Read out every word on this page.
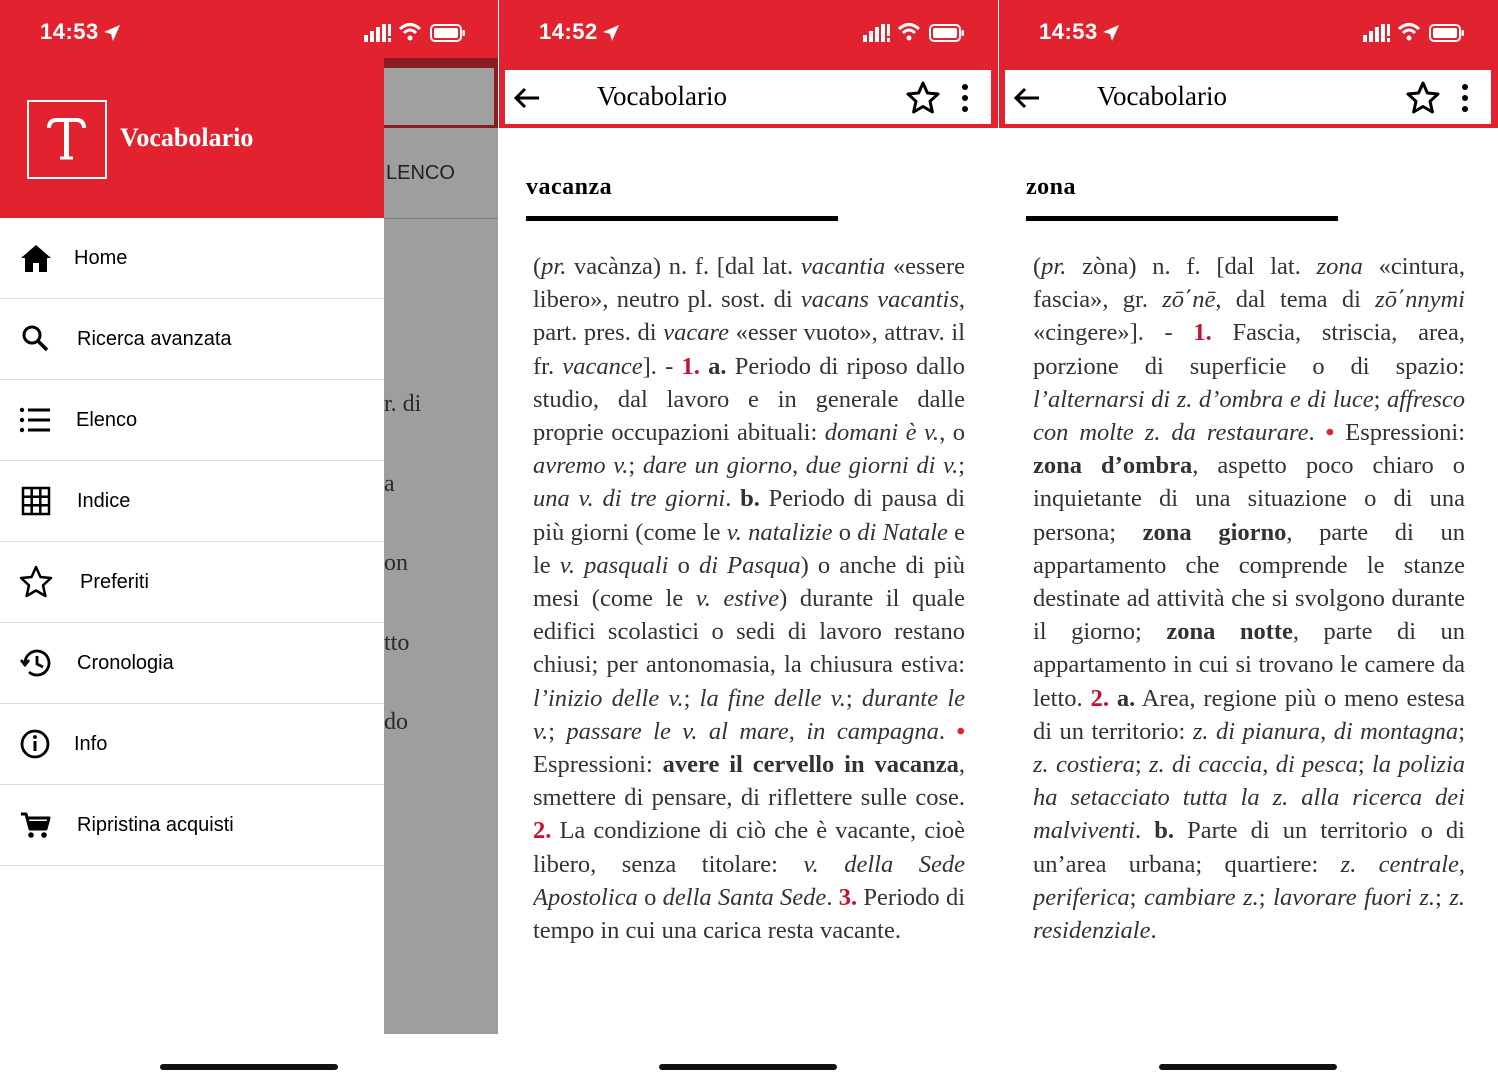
14:53
Vocabolario
Home
Ricerca avanzata
Elenco
Indice
Preferiti
Cronologia
Info
Ripristina acquisti
LENCO

r. di

a

on

tto

do

14:52
Vocabolario
vacanza
(pr. vacànza) n. f. [dal lat. vacantia «essere libero», neutro pl. sost. di vacans vacantis, part. pres. di vacare «esser vuoto», attrav. il fr. vacance]. - 1. a. Periodo di riposo dallo studio, dal lavoro e in generale dalle proprie occupazioni abituali: domani è v., o avremo v.; dare un giorno, due giorni di v.; una v. di tre giorni. b. Periodo di pausa di più giorni (come le v. natalizie o di Natale e le v. pasquali o di Pasqua) o anche di più mesi (come le v. estive) durante il quale edifici scolastici o sedi di lavoro restano chiusi; per antonomasia, la chiusura estiva: l’inizio delle v.; la fine delle v.; durante le v.; passare le v. al mare, in campagna. • Espressioni: avere il cervello in vacanza, smettere di pensare, di riflettere sulle cose. 2. La condizione di ciò che è vacante, cioè libero, senza titolare: v. della Sede Apostolica o della Santa Sede. 3. Periodo di tempo in cui una carica resta vacante.
14:53
Vocabolario
zona
(pr. zòna) n. f. [dal lat. zona «cintura, fascia», gr. zō΄nē, dal tema di zō΄nnymi «cingere»]. - 1. Fascia, striscia, area, porzione di superficie o di spazio: l’alternarsi di z. d’ombra e di luce; affresco con molte z. da restaurare. • Espressioni: zona d’ombra, aspetto poco chiaro o inquietante di una situazione o di una persona; zona giorno, parte di un appartamento che comprende le stanze destinate ad attività che si svolgono durante il giorno; zona notte, parte di un appartamento in cui si trovano le camere da letto. 2. a. Area, regione più o meno estesa di un territorio: z. di pianura, di montagna; z. costiera; z. di caccia, di pesca; la polizia ha setacciato tutta la z. alla ricerca dei malviventi. b. Parte di un territorio o di un’area urbana; quartiere: z. centrale, periferica; cambiare z.; lavorare fuori z.; z. residenziale.
